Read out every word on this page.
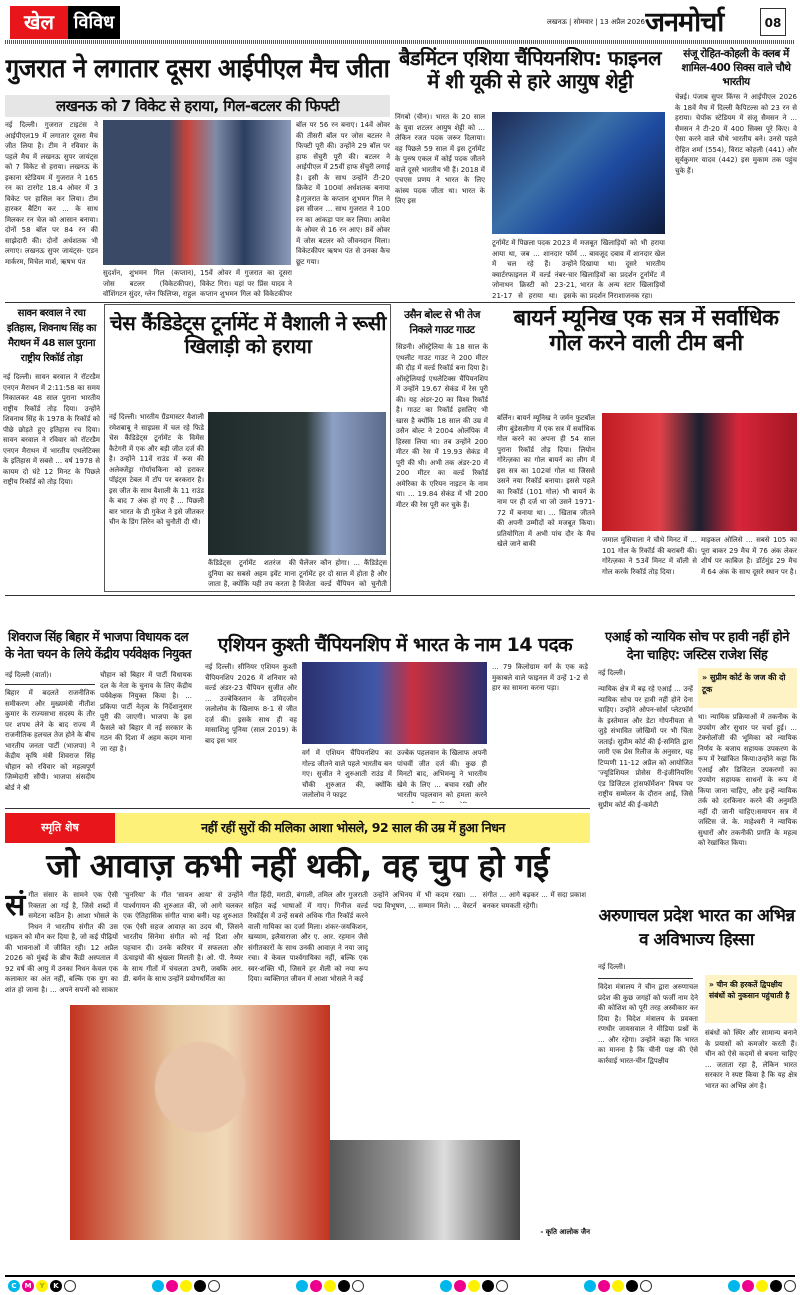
खेल	विविध	लखनऊ | सोमवार | 13 अप्रैल 2026 जनमोर्चा	08
गुजरात ने लगातार दूसरा आईपीएल मैच जीता
लखनऊ को 7 विकेट से हराया, गिल-बटलर की फिफ्टी
नई दिल्ली। गुजरात टाइटंस ने आईपीएल19 में लगातार दूसरा मैच जीत लिया है। टीम ने रविवार के पहले मैच में लखनऊ सुपर जायंट्स को 7 विकेट से हराया। लखनऊ के इकाना स्टेडियम में गुजरात ने 165 रन का टारगेट 18.4 ओवर में 3 विकेट पर हासिल कर लिया। टीम हारकर बैटिंग कर ... के साथ मिलकर रन चेज को आसान बनाया। दोनों 58 बॉल पर 84 रन की साझेदारी की। दोनों अर्धशतक भी लगाए। लखनऊ सुपर जायंट्स- एडन मार्करम, मिचेल मार्श, ऋषभ पंत
सुदर्शन, शुभमन गिल (कप्तान), जोस बटलर (विकेटकीपर), वॉशिंगटन सुंदर, ग्लेन फिलिप्स, राहुल
15वें ओवर में गुजरात का दूसरा विकेट गिरा। यहां पर प्रिंस यादव ने कप्तान शुभमन गिल को विकेटकीपर
बॉल पर 56 रन बनाए। 14वें ओवर की तीसरी बॉल पर जोस बटलर ने फिफ्टी पूरी की। उन्होंने 29 बॉल पर हाफ सेंचुरी पूरी की। बटलर ने आईपीएल में 25वीं हाफ सेंचुरी लगाई है। इसी के साथ उन्होंने टी-20 क्रिकेट में 100वां अर्धशतक बनाया है।गुजरात के कप्तान शुभमन गिल ने इस सीजन ... साथ गुजरात ने 100 रन का आंकड़ा पार कर लिया। आवेश के ओवर से 16 रन आए। 8वें ओवर में जोस बटलर को जीवनदान मिला। विकेटकीपर ऋषभ पंत से उनका कैच छूट गया।
बैडमिंटन एशिया चैंपियनशिप: फाइनल में शी यूकी से हारे आयुष शेट्टी
निंगबो (चीन)। भारत के 20 साल के युवा शटलर आयुष शेट्टी को ... लेकिन रजत पदक जरूर दिलाया। वह पिछले 59 साल में इस टूर्नामेंट के पुरुष एकल में कोई पदक जीतने वाले दूसरे भारतीय भी हैं। 2018 में एचएस प्रणय ने भारत के लिए कांस्य पदक जीता था। भारत के लिए इस
टूर्नामेंट में पिछला पदक 2023 में आया था, जब ... शानदार फॉर्म में चल रहे हैं। उन्होंने क्वार्टरफाइनल में वर्ल्ड नंबर-चार जोनाथन क्रिस्टी को 23-21, 21-17 से हराया था। इसके
मजबूत खिलाड़ियों को भी हराया ... बावजूद दबाव में शानदार खेल दिखाया था। दूसरे भारतीय खिलाड़ियों का प्रदर्शन टूर्नामेंट में भारत के अन्य स्टार खिलाड़ियों का प्रदर्शन निराशाजनक रहा।
संजू रोहित-कोहली के क्लब में शामिल-400 सिक्स वाले चौथे भारतीय
चेन्नई। पंजाब सुपर किंग्स ने आईपीएल 2026 के 18वें मैच में दिल्ली कैपिटल्स को 23 रन से हराया। चेपॉक स्टेडियम में संजू सैमसन ने ... सैमसन ने टी-20 में 400 सिक्स पूरे किए। वे ऐसा करने वाले चौथे भारतीय बने। उनसे पहले रोहित शर्मा (554), विराट कोहली (441) और सूर्यकुमार यादव (442) इस मुकाम तक पहुंच चुके हैं।
सावन बरवाल ने रचा इतिहास, शिवनाथ सिंह का मैराथन में 48 साल पुराना राष्ट्रीय रिकॉर्ड तोड़ा
नई दिल्ली। सावन बरवाल ने रॉटरडैम एनएन मैराथन में 2:11:58 का समय निकालकर 48 साल पुराना भारतीय राष्ट्रीय रिकॉर्ड तोड़ दिया। उन्होंने शिवनाथ सिंह के 1978 के रिकॉर्ड को पीछे छोड़ते हुए इतिहास रच दिया। सावन बरवाल ने रविवार को रॉटरडैम एनएन मैराथन में भारतीय एथलेटिक्स के इतिहास में सबसे ... वर्ष 1978 से कायम दो घंटे 12 मिनट के पिछले राष्ट्रीय रिकॉर्ड को तोड़ दिया।
चेस कैंडिडेट्स टूर्नामेंट में वैशाली ने रूसी खिलाड़ी को हराया
नई दिल्ली। भारतीय ग्रैंडमास्टर वैशाली रमेशबाबू ने साइप्रस में चल रहे फिडे चेस कैंडिडेट्स टूर्नामेंट के विमेंस कैटेगरी में एक और बड़ी जीत दर्ज की है। उन्होंने 11वें राउंड में रूस की अलेक्जेंड्रा गोर्याचकिना को हराकर पॉइंट्स टेबल में टॉप पर बरकरार है। इस जीत के साथ वैशाली के 11 राउंड के बाद 7 अंक हो गए हैं ... पिछली बार भारत के डी गुकेश ने इसे जीतकर चीन के डिंग लिरेन को चुनौती दी थी।
कैंडिडेट्स टूर्नामेंट शतरंज की दुनिया का सबसे अहम इवेंट माना जाता है, क्योंकि यही तय करता है
चैलेंजर कौन होगा। ... कैंडिडेट्स टूर्नामेंट हर दो साल में होता है और विजेता वर्ल्ड चैंपियन को चुनौती
उसैन बोल्ट से भी तेज निकले गाउट गाउट
सिडनी। ऑस्ट्रेलिया के 18 साल के एथलीट गाउट गाउट ने 200 मीटर की दौड़ में वर्ल्ड रिकॉर्ड बना दिया है। ऑस्ट्रेलियाई एथलेटिक्स चैंपियनशिप में उन्होंने 19.67 सेकंड में रेस पूरी की। यह अंडर-20 का विश्व रिकॉर्ड है। गाउट का रिकॉर्ड इसलिए भी खास है क्योंकि 18 साल की उम्र में उसैन बोल्ट ने 2004 ओलंपिक में हिस्सा लिया था। तब उन्होंने 200 मीटर की रेस में 19.93 सेकंड में पूरी की थी। अभी तक अंडर-20 में 200 मीटर का वर्ल्ड रिकॉर्ड अमेरिका के एरियन नाइटन के नाम था। ... 19.84 सेकंड में भी 200 मीटर की रेस पूरी कर चुके हैं।
बायर्न म्यूनिख एक सत्र में सर्वाधिक गोल करने वाली टीम बनी
बर्लिन। बायर्न म्यूनिख ने जर्मन फुटबॉल लीग बुंडेसलीगा में एक सत्र में सर्वाधिक गोल करने का अपना ही 54 साल पुराना रिकॉर्ड तोड़ दिया। लियोन गोरेत्ज़का का गोल बायर्न का लीग में इस सत्र का 102वां गोल था जिससे उसने नया रिकॉर्ड बनाया। इससे पहले का रिकॉर्ड (101 गोल) भी बायर्न के नाम पर ही दर्ज था जो उसने 1971-72 में बनाया था। ... खिताब जीतने की अपनी उम्मीदों को मजबूत किया। प्रतियोगिता में अभी पांच दौर के मैच खेले जाने बाकी	जमाल मुसियाला ने चौथे मिनट में ... 101 गोल के रिकॉर्ड की बराबरी की। गोरेत्ज़का ने 53वें मिनट में वॉली से गोल करके रिकॉर्ड तोड़ दिया।
माइकल ओलिसे ... सबसे 105 का पूरा बाकर 29 मैच में 76 अंक लेकर शीर्ष पर काबिज है। डॉर्टमुंड 29 मैच में 64 अंक के साथ दूसरे स्थान पर है।
शिवराज सिंह बिहार में भाजपा विधायक दल के नेता चयन के लिये केंद्रीय पर्यवेक्षक नियुक्त
नई दिल्ली (वार्ता)।
बिहार में बदलते राजनीतिक समीकरण और मुख्यमंत्री नीतीश कुमार के राज्यसभा सदस्य के तौर पर शपथ लेने के बाद राज्य में राजनीतिक हलचल तेज होने के बीच भारतीय जनता पार्टी (भाजपा) ने केंद्रीय कृषि मंत्री शिवराज सिंह चौहान को रविवार को महत्वपूर्ण जिम्मेदारी सौंपी। भाजपा संसदीय बोर्ड ने श्री
चौहान को बिहार में पार्टी विधायक दल के नेता के चुनाव के लिए केंद्रीय पर्यवेक्षक नियुक्त किया है। ... प्रकिया पार्टी नेतृत्व के निर्देशानुसार पूरी की जाएगी। भाजपा के इस फैसले को बिहार में नई सरकार के गठन की दिशा में अहम कदम माना जा रहा है।
एशियन कुश्ती चैंपियनशिप में भारत के नाम 14 पदक
नई दिल्ली। सीनियर एशियन कुश्ती चैंपियनशिप 2026 में शनिवार को वर्ल्ड अंडर-23 चैंपियन सुजीत और ... उज्बेकिस्तान के उमिदजोन जलोलोव के खिलाफ 8-1 से जीत दर्ज की। इसके साथ ही वह मासाशिशु पूनिया (साल 2019) के बाद इस भार
वर्ग में एशियन चैंपियनशिप का गोल्ड जीतने वाले पहले भारतीय बन गए। सुजीत ने शुरुआती राउंड में चौंकी शुरुआत की, क्योंकि जलोलोव ने फाइट
उज्बेक पहलवान के खिलाफ अपनी पांचवीं जीत दर्ज की। कुछ ही मिनटों बाद, अभिमन्यु ने भारतीय खेमे के लिए ... बचाव रखी और भारतीय पहलवान को हमला करने
... 79 किलोग्राम वर्ग के एक कड़े मुकाबले वाले फाइनल में उन्हें 1-2 से हार का सामना करना पड़ा।
एआई को न्यायिक सोच पर हावी नहीं होने देना चाहिए: जस्टिस राजेश सिंह
नई दिल्ली।	» सुप्रीम कोर्ट के जज की दो टूक
न्यायिक क्षेत्र में बढ़ रहे एआई ... उन्हें न्यायिक सोच पर हावी नहीं होने देना चाहिए। उन्होंने ओपन-सोर्स प्लेटफॉर्म के इस्तेमाल और डेटा गोपनीयता से जुड़े संभावित जोखिमों पर भी चिंता जताई। सुप्रीम कोर्ट की ई-समिति द्वारा जारी एक प्रेस रिलीज के अनुसार, यह टिप्पणी 11-12 अप्रैल को आयोजित 'ज्यूडिशियल प्रोसेस री-इंजीनियरिंग एंड डिजिटल ट्रांसफॉर्मेशन' विषय पर राष्ट्रीय सम्मेलन के दौरान आई, जिसे सुप्रीम कोर्ट की ई-कमेटी
था। न्यायिक प्रक्रियाओं में तकनीक के उपयोग और सुधार पर चर्चा हुई। ... टेक्नोलॉजी की भूमिका को न्यायिक निर्णय के बजाय सहायक उपकरण के रूप में रेखांकित किया।उन्होंने कहा कि एआई और डिजिटल उपकरणों का उपयोग सहायक साधनों के रूप में किया जाना चाहिए, और इन्हें न्यायिक तर्क को दरकिनार करने की अनुमति नहीं दी जानी चाहिए।समापन सत्र में जस्टिस जे. के. माहेश्वरी ने न्यायिक सुधारों और तकनीकी प्रगति के महत्व को रेखांकित किया।
स्मृति शेष	नहीं रहीं सुरों की मलिका आशा भोसले, 92 साल की उम्र में हुआ निधन
जो आवाज़ कभी नहीं थकी, वह चुप हो गई
संगीत संसार के सामने एक ऐसी रिक्तता आ गई है, जिसे शब्दों में समेटना कठिन है। आशा भोसले के निधन ने भारतीय संगीत की उस धड़कन को मौन कर दिया है, जो कई पीढ़ियों की भावनाओं में जीवित रही। 12 अप्रैल 2026 को मुंबई के ब्रीच कैंडी अस्पताल में 92 वर्ष की आयु में उनका निधन केवल एक कलाकार का अंत नहीं, बल्कि एक युग का शांत हो जाना है। ... अपने सपनों को साकार
'चुनरिया' के गीत 'सावन आया' से उन्होंने पार्श्वगायन की शुरुआत की, जो आगे चलकर एक ऐतिहासिक संगीत यात्रा बनी। यह शुरुआत एक ऐसी सहज आवाज़ का उदय थी, जिसने भारतीय सिनेमा संगीत को नई दिशा और पहचान दी। उनके करियर में सफलता और ऊंचाइयों की श्रृंखला मिलती है। ओ. पी. नैय्यर के साथ गीतों में चंचलता उभरी, जबकि आर. डी. बर्मन के साथ उन्होंने प्रयोगधर्मिता का
गीत हिंदी, मराठी, बंगाली, तमिल और गुजराती सहित कई भाषाओं में गाए। गिनीज वर्ल्ड रिकॉर्ड्स में उन्हें सबसे अधिक गीत रिकॉर्ड करने वाली गायिका का दर्जा मिला। शंकर-जयकिशन, खय्याम, इलैयाराजा और ए. आर. रहमान जैसे संगीतकारों के साथ उनकी आवाज़ ने नया जादू रचा। वे केवल पार्श्वगायिका नहीं, बल्कि एक स्वर-शक्ति थीं, जिसने हर शैली को नया रूप दिया। व्यक्तिगत जीवन में आशा भोसले ने कई
उन्होंने अभिनय में भी कदम रखा। ... पद्म विभूषण, ... सम्मान मिले। ... वेस्टर्न संगीत ... आगे बढ़कर ... में सदा प्रकाश बनकर चमकती रहेगी।
- कृति आलोक जैन
अरुणाचल प्रदेश भारत का अभिन्न व अविभाज्य हिस्सा
नई दिल्ली।
» चीन की हरकतें द्विपक्षीय संबंधों को नुकसान पहुंचाती है
विदेश मंत्रालय ने चीन द्वारा अरुणाचल प्रदेश की कुछ जगहों को फर्जी नाम देने की कोशिश को पूरी तरह अस्वीकार कर दिया है। विदेश मंत्रालय के प्रवक्ता रणधीर जायसवाल ने मीडिया प्रश्नों के ... और रहेगा। उन्होंने कहा कि भारत का मानना है कि चीनी पक्ष की ऐसे कार्रवाई भारत-चीन द्विपक्षीय
संबंधों को स्थिर और सामान्य बनाने के प्रयासों को कमजोर करती हैं। चीन को ऐसे कदमों से बचना चाहिए ... जताता रहा है, लेकिन भारत सरकार ने स्पष्ट किया है कि यह क्षेत्र भारत का अभिन्न अंग है।
C M Y K
